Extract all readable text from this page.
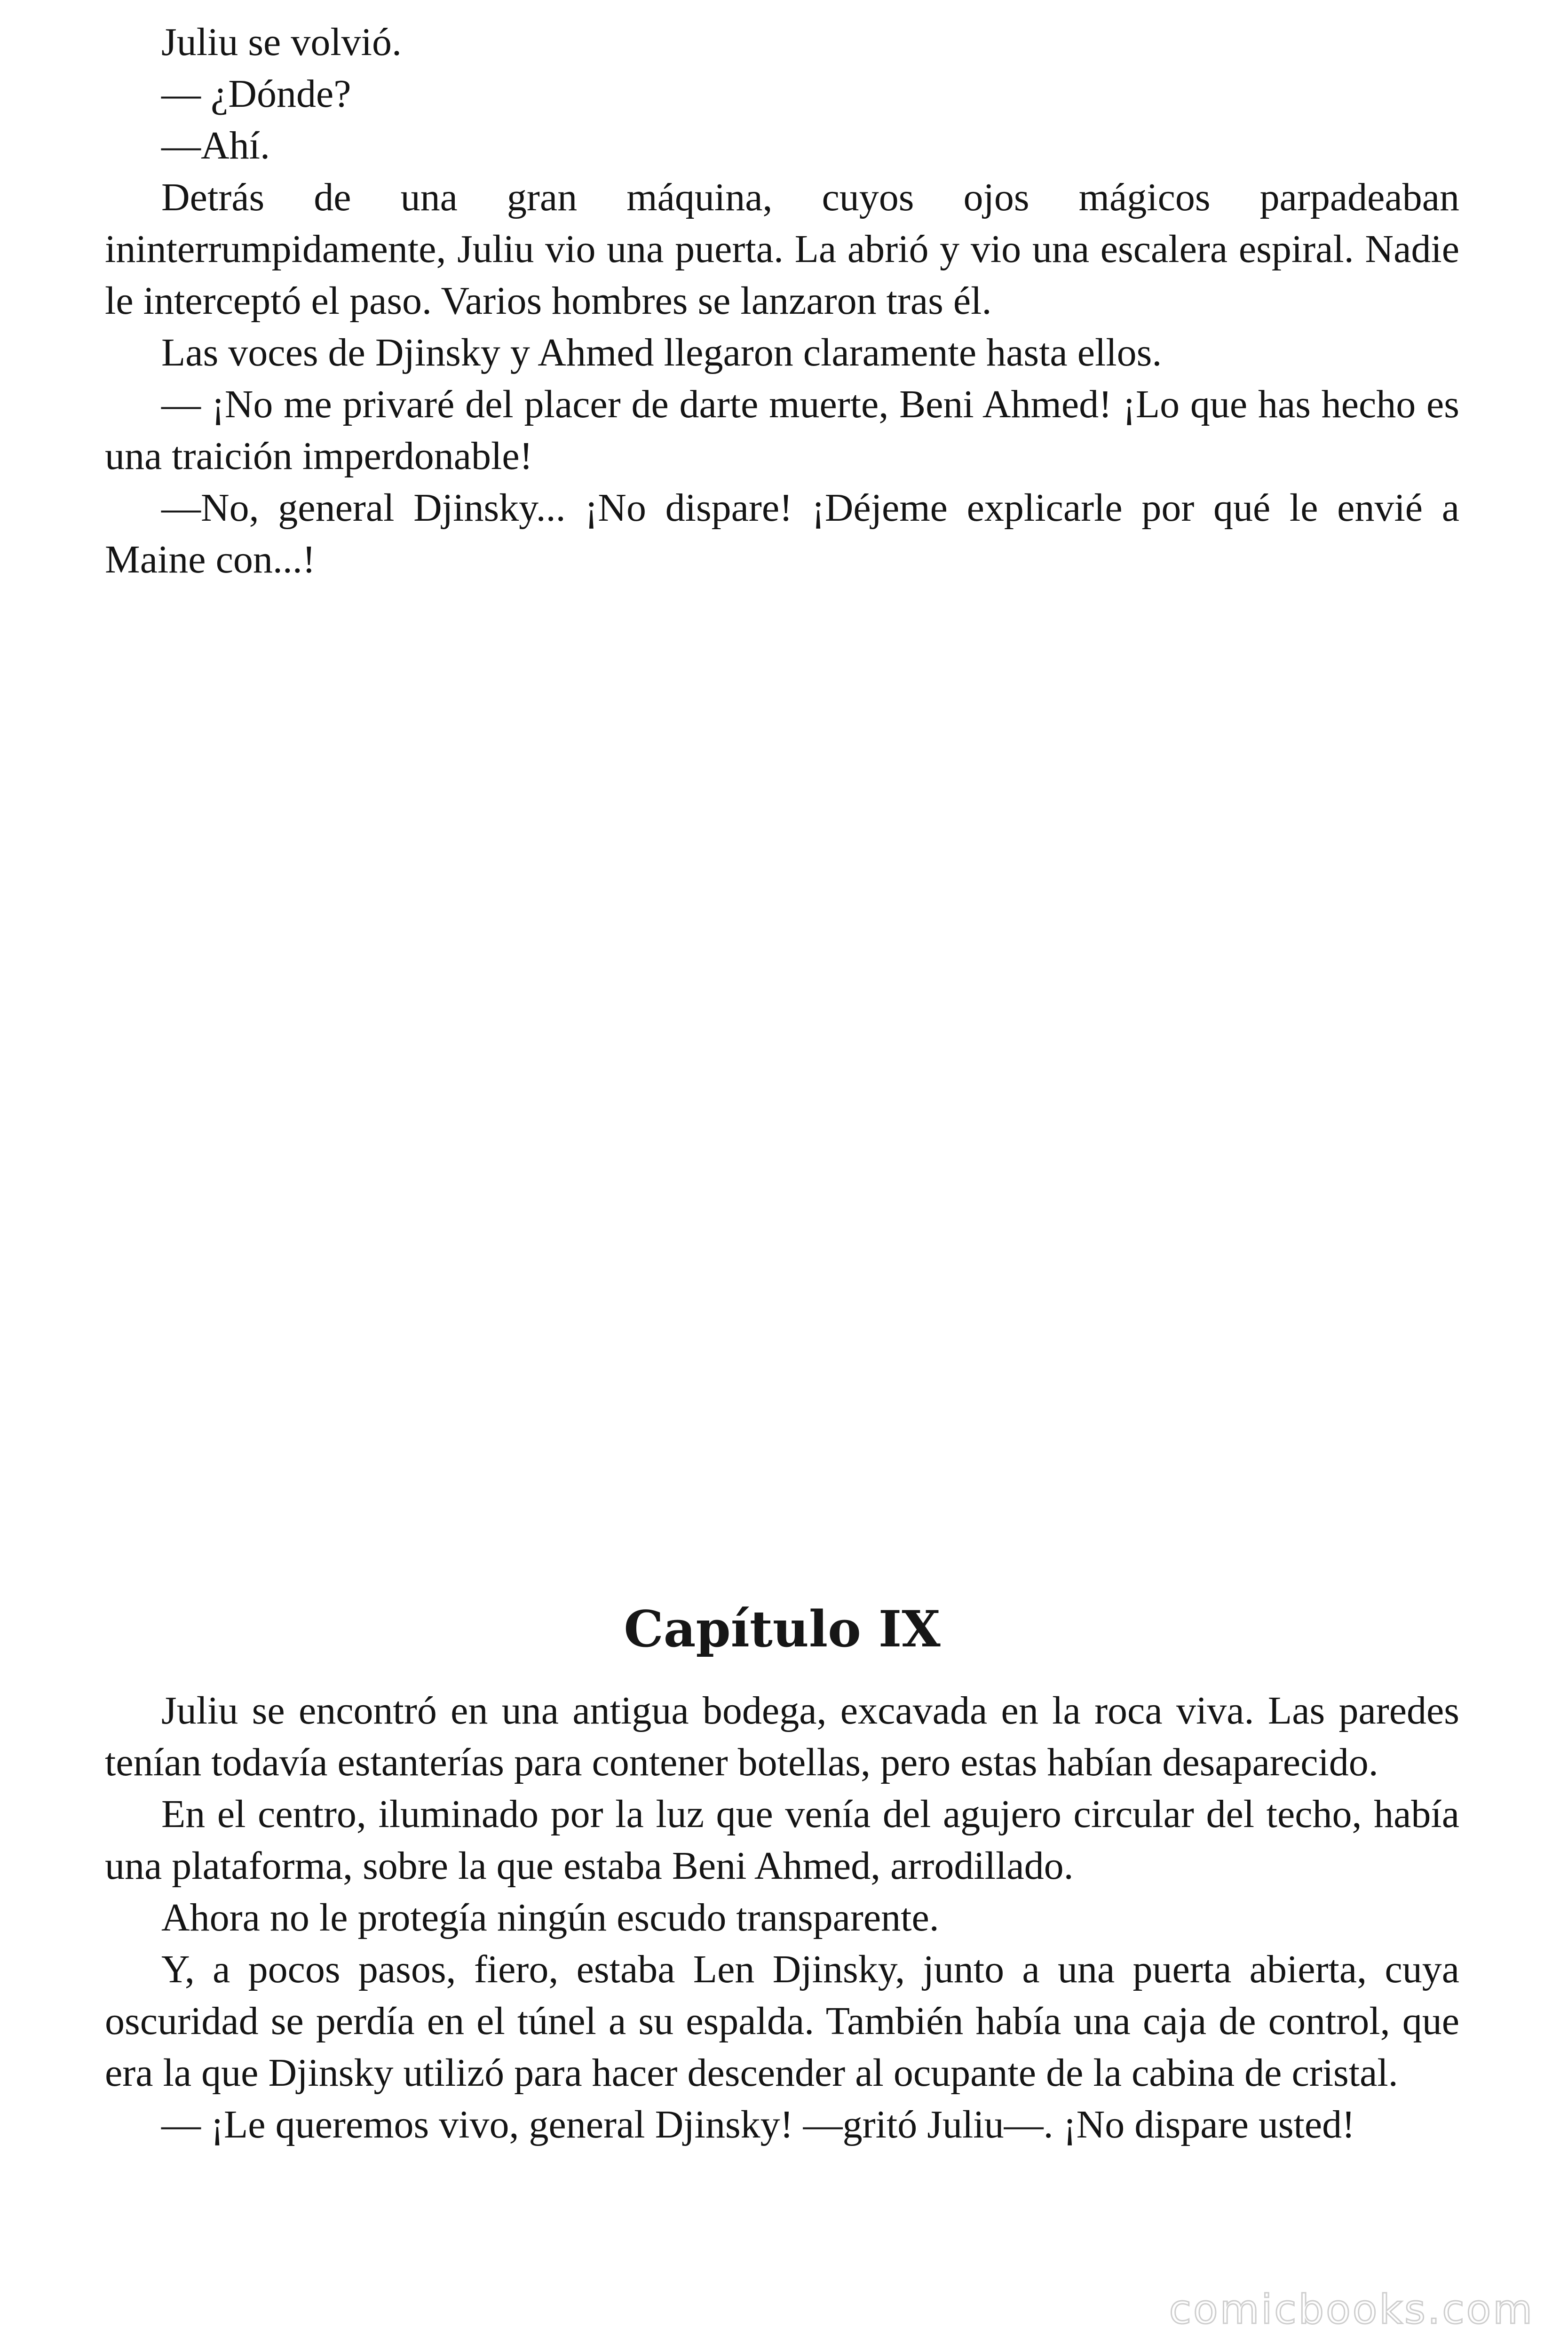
Juliu se volvió.

— ¿Dónde?

—Ahí.

Detrás de una gran máquina, cuyos ojos mágicos parpadeaban ininterrumpidamente, Juliu vio una puerta. La abrió y vio una escalera espiral. Nadie le interceptó el paso. Varios hombres se lanzaron tras él.

Las voces de Djinsky y Ahmed llegaron claramente hasta ellos.

— ¡No me privaré del placer de darte muerte, Beni Ahmed! ¡Lo que has hecho es una traición imperdonable!

—No, general Djinsky... ¡No dispare! ¡Déjeme explicarle por qué le envié a Maine con...!

Capítulo IX

Juliu se encontró en una antigua bodega, excavada en la roca viva. Las paredes tenían todavía estanterías para contener botellas, pero estas habían desaparecido.

En el centro, iluminado por la luz que venía del agujero circular del techo, había una plataforma, sobre la que estaba Beni Ahmed, arrodillado.

Ahora no le protegía ningún escudo transparente.

Y, a pocos pasos, fiero, estaba Len Djinsky, junto a una puerta abierta, cuya oscuridad se perdía en el túnel a su espalda. También había una caja de control, que era la que Djinsky utilizó para hacer descender al ocupante de la cabina de cristal.

— ¡Le queremos vivo, general Djinsky! —gritó Juliu—. ¡No dispare usted!

comicbooks.com
